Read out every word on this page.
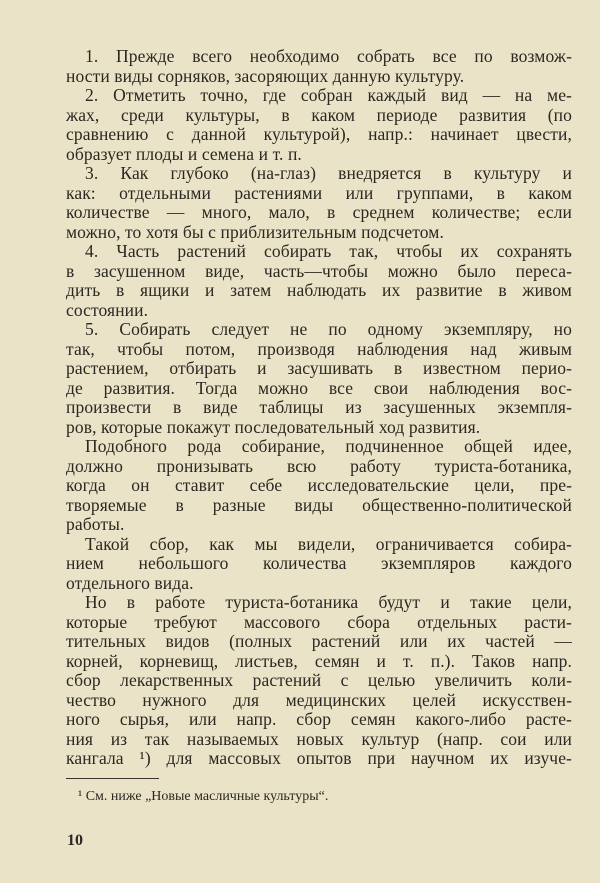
1. Прежде всего необходимо собрать все по возмож-
ности виды сорняков, засоряющих данную культуру.
2. Отметить точно, где собран каждый вид — на ме-
жах, среди культуры, в каком периоде развития (по
сравнению с данной культурой), напр.: начинает цвести,
образует плоды и семена и т. п.
3. Как глубоко (на-глаз) внедряется в культуру и
как: отдельными растениями или группами, в каком
количестве — много, мало, в среднем количестве; если
можно, то хотя бы с приблизительным подсчетом.
4. Часть растений собирать так, чтобы их сохранять
в засушенном виде, часть—чтобы можно было переса-
дить в ящики и затем наблюдать их развитие в живом
состоянии.
5. Собирать следует не по одному экземпляру, но
так, чтобы потом, производя наблюдения над живым
растением, отбирать и засушивать в известном перио-
де развития. Тогда можно все свои наблюдения вос-
произвести в виде таблицы из засушенных экземпля-
ров, которые покажут последовательный ход развития.
Подобного рода собирание, подчиненное общей идее,
должно пронизывать всю работу туриста-ботаника,
когда он ставит себе исследовательские цели, пре-
творяемые в разные виды общественно-политической
работы.
Такой сбор, как мы видели, ограничивается собира-
нием небольшого количества экземпляров каждого
отдельного вида.
Но в работе туриста-ботаника будут и такие цели,
которые требуют массового сбора отдельных расти-
тительных видов (полных растений или их частей —
корней, корневищ, листьев, семян и т. п.). Таков напр.
сбор лекарственных растений с целью увеличить коли-
чество нужного для медицинских целей искусствен-
ного сырья, или напр. сбор семян какого-либо расте-
ния из так называемых новых культур (напр. сои или
кангала ¹) для массовых опытов при научном их изуче-
¹ См. ниже „Новые масличные культуры“.
10
